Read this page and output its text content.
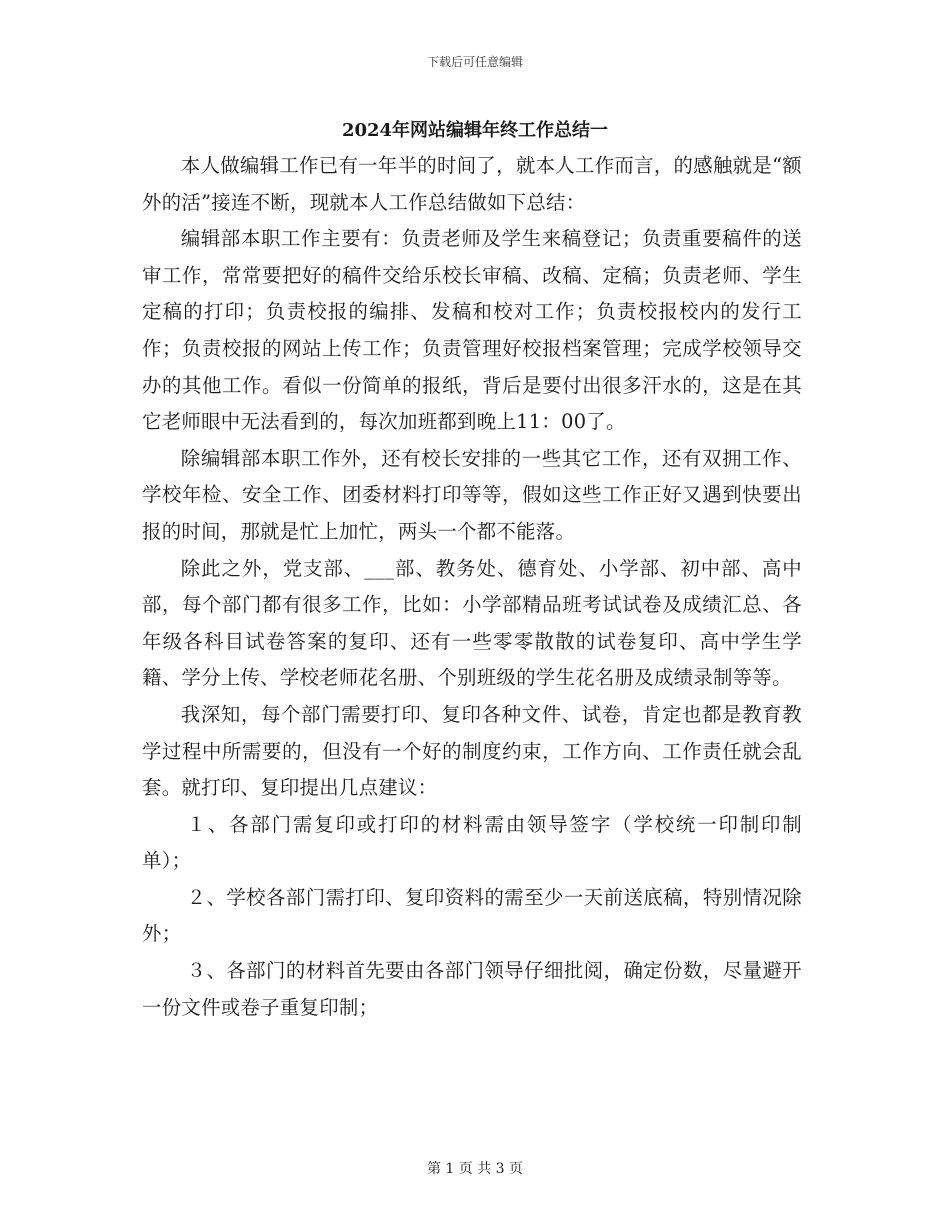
下载后可任意编辑
2024年网站编辑年终工作总结一

本人做编辑工作已有一年半的时间了，就本人工作而言，的感触就是“额外的活”接连不断，现就本人工作总结做如下总结：

编辑部本职工作主要有：负责老师及学生来稿登记；负责重要稿件的送审工作，常常要把好的稿件交给乐校长审稿、改稿、定稿；负责老师、学生定稿的打印；负责校报的编排、发稿和校对工作；负责校报校内的发行工作；负责校报的网站上传工作；负责管理好校报档案管理；完成学校领导交办的其他工作。看似一份简单的报纸，背后是要付出很多汗水的，这是在其它老师眼中无法看到的，每次加班都到晚上11：00了。

除编辑部本职工作外，还有校长安排的一些其它工作，还有双拥工作、学校年检、安全工作、团委材料打印等等，假如这些工作正好又遇到快要出报的时间，那就是忙上加忙，两头一个都不能落。

除此之外，党支部、___部、教务处、德育处、小学部、初中部、高中部，每个部门都有很多工作，比如：小学部精品班考试试卷及成绩汇总、各年级各科目试卷答案的复印、还有一些零零散散的试卷复印、高中学生学籍、学分上传、学校老师花名册、个别班级的学生花名册及成绩录制等等。

我深知，每个部门需要打印、复印各种文件、试卷，肯定也都是教育教学过程中所需要的，但没有一个好的制度约束，工作方向、工作责任就会乱套。就打印、复印提出几点建议：

１、各部门需复印或打印的材料需由领导签字（学校统一印制印制单）；

２、学校各部门需打印、复印资料的需至少一天前送底稿，特别情况除外；

３、各部门的材料首先要由各部门领导仔细批阅，确定份数，尽量避开一份文件或卷子重复印制；

第 1 页 共 3 页
